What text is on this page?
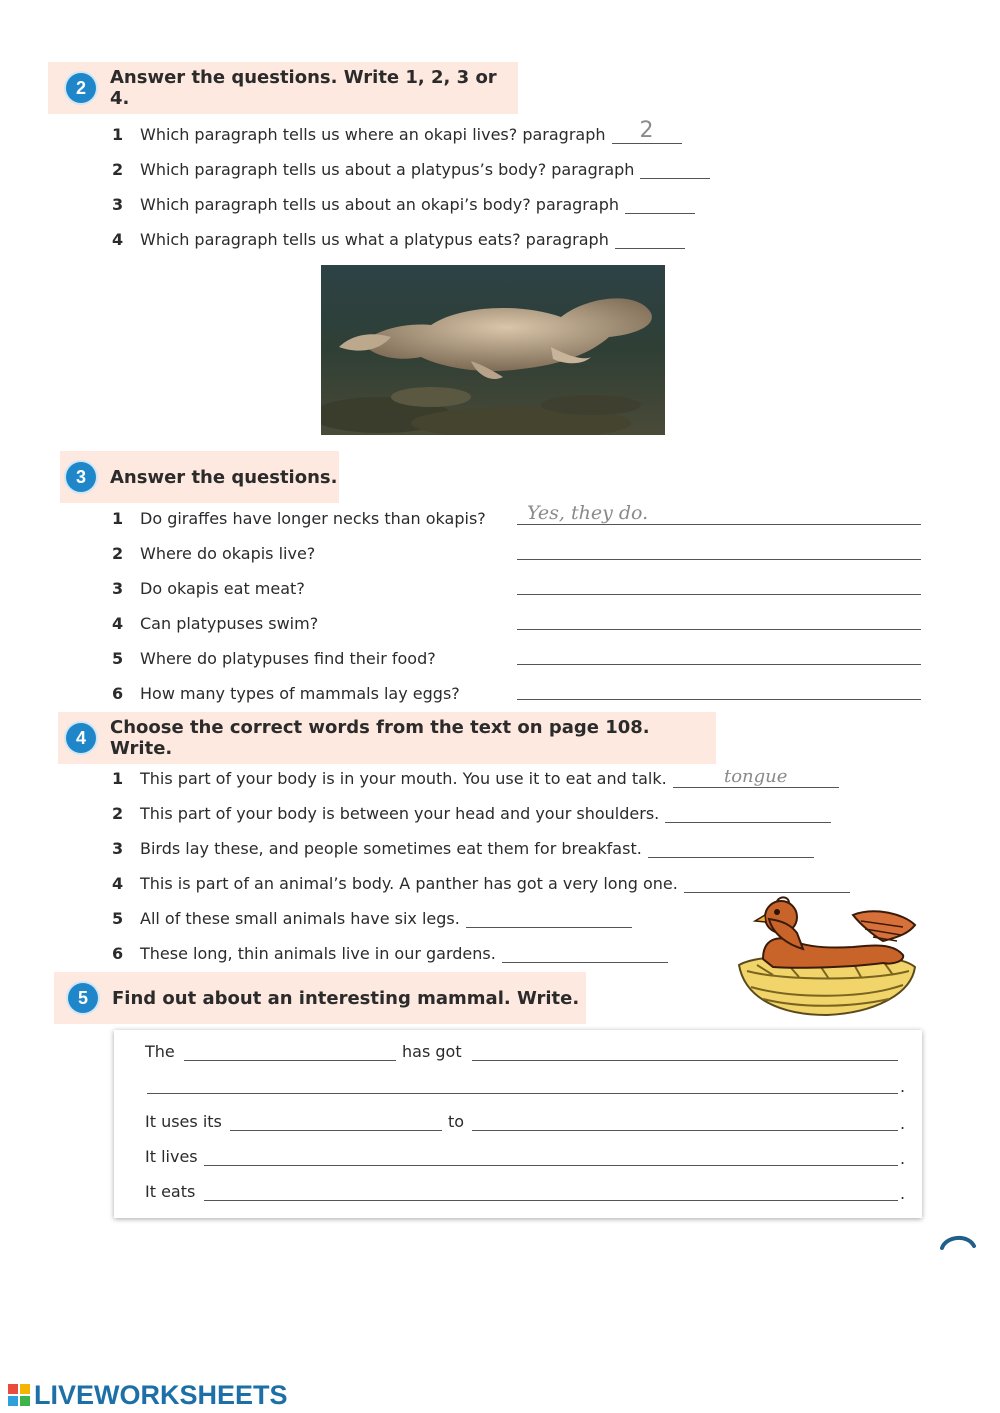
2	Answer the questions. Write 1, 2, 3 or 4.
1	Which paragraph tells us where an okapi lives? paragraph	2
2	Which paragraph tells us about a platypus’s body? paragraph
3	Which paragraph tells us about an okapi’s body? paragraph
4	Which paragraph tells us what a platypus eats? paragraph
3	Answer the questions.
1	Do giraffes have longer necks than okapis? Yes, they do.
2	Where do okapis live?
3	Do okapis eat meat?
4	Can platypuses swim?
5	Where do platypuses find their food?
6	How many types of mammals lay eggs?
4	Choose the correct words from the text on page 108. Write.
1	This part of your body is in your mouth. You use it to eat and talk.	tongue
2	This part of your body is between your head and your shoulders.
3	Birds lay these, and people sometimes eat them for breakfast.
4	This is part of an animal’s body. A panther has got a very long one.
5	All of these small animals have six legs.
6	These long, thin animals live in our gardens.
5	Find out about an interesting mammal. Write.
The	has got
.
It uses its	to	.
It lives	.
It eats	.
LIVEWORKSHEETS
